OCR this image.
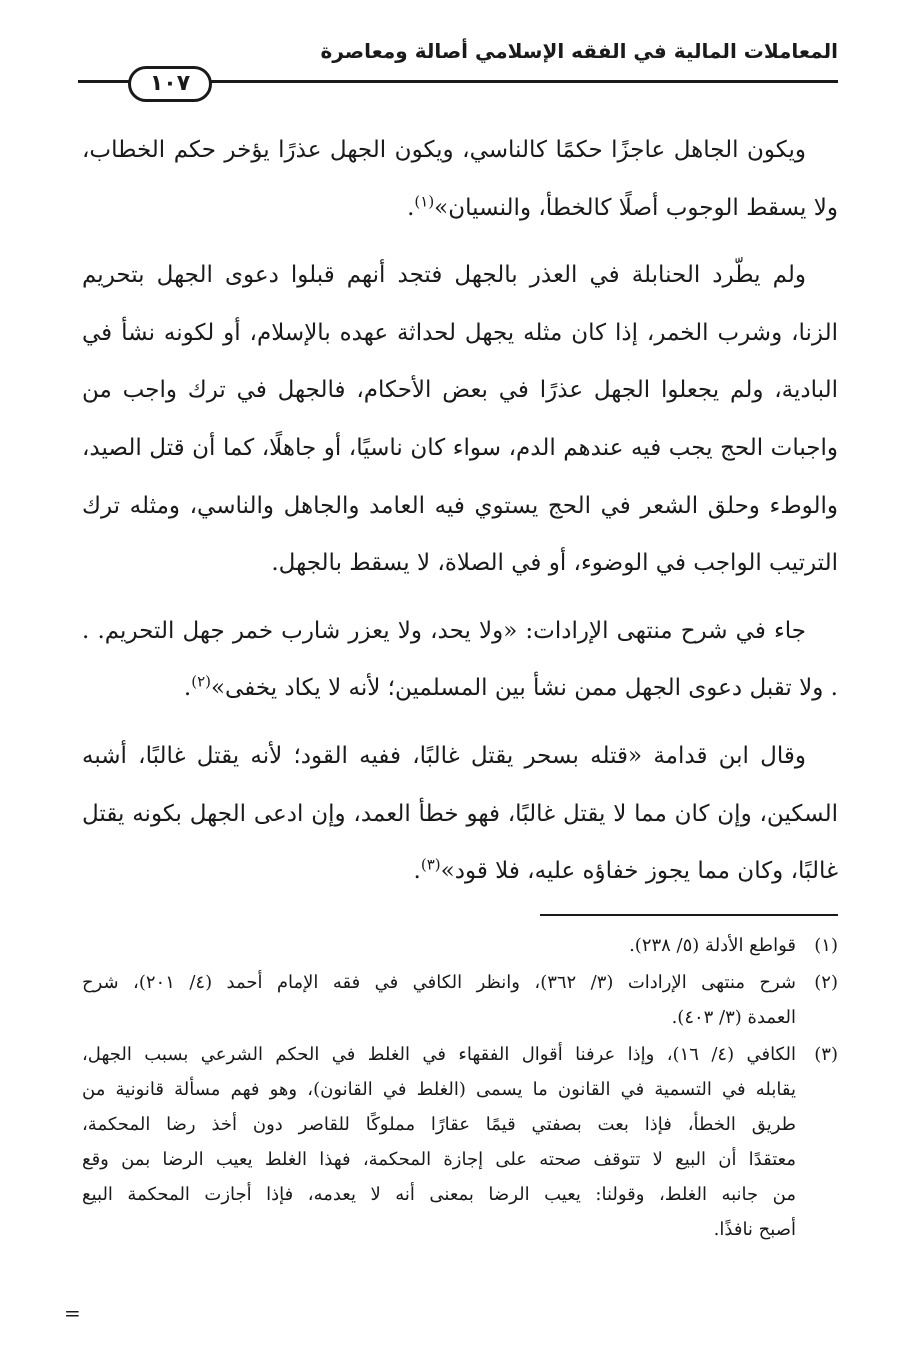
المعاملات المالية في الفقه الإسلامي أصالة ومعاصرة
١٠٧

ويكون الجاهل عاجزًا حكمًا كالناسي، ويكون الجهل عذرًا يؤخر حكم الخطاب، ولا يسقط الوجوب أصلًا كالخطأ، والنسيان»$^{(١)}$.

ولم يطّرد الحنابلة في العذر بالجهل فتجد أنهم قبلوا دعوى الجهل بتحريم الزنا، وشرب الخمر، إذا كان مثله يجهل لحداثة عهده بالإسلام، أو لكونه نشأ في البادية، ولم يجعلوا الجهل عذرًا في بعض الأحكام، فالجهل في ترك واجب من واجبات الحج يجب فيه عندهم الدم، سواء كان ناسيًا، أو جاهلًا، كما أن قتل الصيد، والوطء وحلق الشعر في الحج يستوي فيه العامد والجاهل والناسي، ومثله ترك الترتيب الواجب في الوضوء، أو في الصلاة، لا يسقط بالجهل.

جاء في شرح منتهى الإرادات: «ولا يحد، ولا يعزر شارب خمر جهل التحريم. . . ولا تقبل دعوى الجهل ممن نشأ بين المسلمين؛ لأنه لا يكاد يخفى»$^{(٢)}$.

وقال ابن قدامة «قتله بسحر يقتل غالبًا، ففيه القود؛ لأنه يقتل غالبًا، أشبه السكين، وإن كان مما لا يقتل غالبًا، فهو خطأ العمد، وإن ادعى الجهل بكونه يقتل غالبًا، وكان مما يجوز خفاؤه عليه، فلا قود»$^{(٣)}$.

(١)
قواطع الأدلة (٥/ ٢٣٨).
(٢)
شرح منتهى الإرادات (٣/ ٣٦٢)، وانظر الكافي في فقه الإمام أحمد (٤/ ٢٠١)، شرح
العمدة (٣/ ٤٠٣).
(٣)
الكافي (٤/ ١٦)، وإذا عرفنا أقوال الفقهاء في الغلط في الحكم الشرعي بسبب الجهل،
يقابله في التسمية في القانون ما يسمى (الغلط في القانون)، وهو فهم مسألة قانونية من
طريق الخطأ، فإذا بعت بصفتي قيمًا عقارًا مملوكًا للقاصر دون أخذ رضا المحكمة،
معتقدًا أن البيع لا تتوقف صحته على إجازة المحكمة، فهذا الغلط يعيب الرضا بمن وقع
من جانبه الغلط، وقولنا: يعيب الرضا بمعنى أنه لا يعدمه، فإذا أجازت المحكمة البيع
أصبح نافذًا.
=
